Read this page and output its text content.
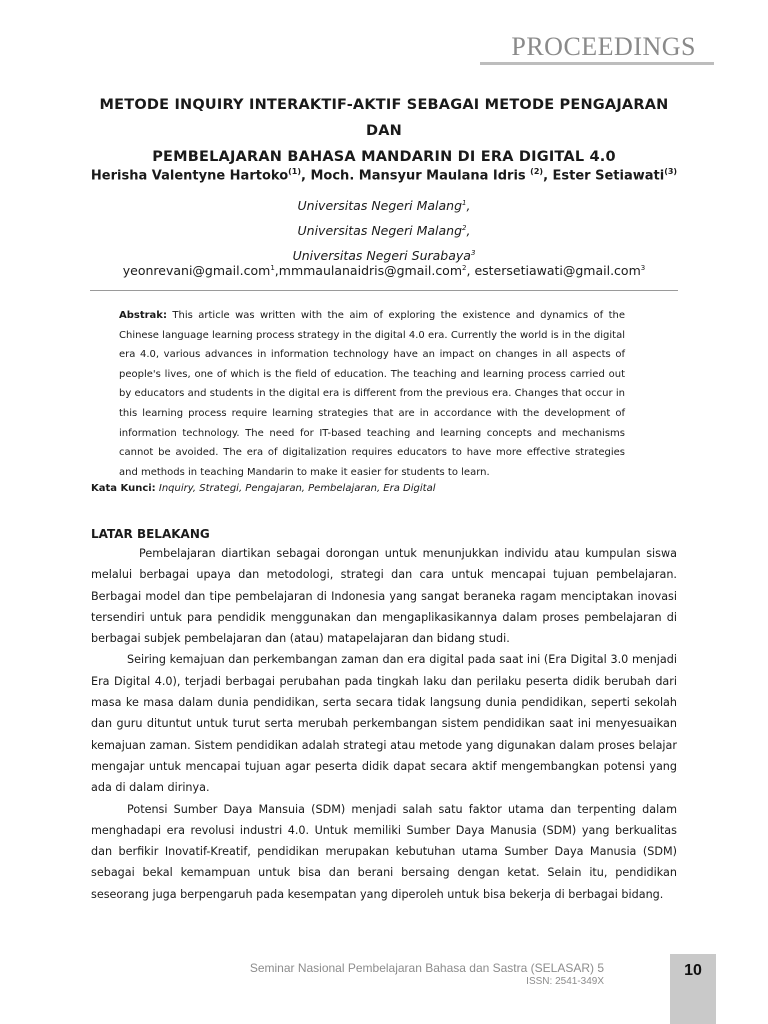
PROCEEDINGS
METODE INQUIRY INTERAKTIF-AKTIF SEBAGAI METODE PENGAJARAN DAN
PEMBELAJARAN BAHASA MANDARIN DI ERA DIGITAL 4.0
Herisha Valentyne Hartoko$^{(1)}$, Moch. Mansyur Maulana Idris $^{(2)}$, Ester Setiawati$^{(3)}$
Universitas Negeri Malang$^1$,
Universitas Negeri Malang$^2$,
Universitas Negeri Surabaya$^3$
yeonrevani@gmail.com$^1$,mmmaulanaidris@gmail.com$^2$, estersetiawati@gmail.com$^3$
Abstrak: This article was written with the aim of exploring the existence and dynamics of the Chinese language learning process strategy in the digital 4.0 era. Currently the world is in the digital era 4.0, various advances in information technology have an impact on changes in all aspects of people's lives, one of which is the field of education. The teaching and learning process carried out by educators and students in the digital era is different from the previous era. Changes that occur in this learning process require learning strategies that are in accordance with the development of information technology. The need for IT-based teaching and learning concepts and mechanisms cannot be avoided. The era of digitalization requires educators to have more effective strategies and methods in teaching Mandarin to make it easier for students to learn.
Kata Kunci: Inquiry, Strategi, Pengajaran, Pembelajaran, Era Digital
LATAR BELAKANG

Pembelajaran diartikan sebagai dorongan untuk menunjukkan individu atau kumpulan siswa melalui berbagai upaya dan metodologi, strategi dan cara untuk mencapai tujuan pembelajaran. Berbagai model dan tipe pembelajaran di Indonesia yang sangat beraneka ragam menciptakan inovasi tersendiri untuk para pendidik menggunakan dan mengaplikasikannya dalam proses pembelajaran di berbagai subjek pembelajaran dan (atau) matapelajaran dan bidang studi.

Seiring kemajuan dan perkembangan zaman dan era digital pada saat ini (Era Digital 3.0 menjadi Era Digital 4.0), terjadi berbagai perubahan pada tingkah laku dan perilaku peserta didik berubah dari masa ke masa dalam dunia pendidikan, serta secara tidak langsung dunia pendidikan, seperti sekolah dan guru dituntut untuk turut serta merubah perkembangan sistem pendidikan saat ini menyesuaikan kemajuan zaman. Sistem pendidikan adalah strategi atau metode yang digunakan dalam proses belajar mengajar untuk mencapai tujuan agar peserta didik dapat secara aktif mengembangkan potensi yang ada di dalam dirinya.

Potensi Sumber Daya Mansuia (SDM) menjadi salah satu faktor utama dan terpenting dalam menghadapi era revolusi industri 4.0. Untuk memiliki Sumber Daya Manusia (SDM) yang berkualitas dan berfikir Inovatif-Kreatif, pendidikan merupakan kebutuhan utama Sumber Daya Manusia (SDM) sebagai bekal kemampuan untuk bisa dan berani bersaing dengan ketat. Selain itu, pendidikan seseorang juga berpengaruh pada kesempatan yang diperoleh untuk bisa bekerja di berbagai bidang.

Seminar Nasional Pembelajaran Bahasa dan Sastra (SELASAR) 5
ISSN: 2541-349X
10
